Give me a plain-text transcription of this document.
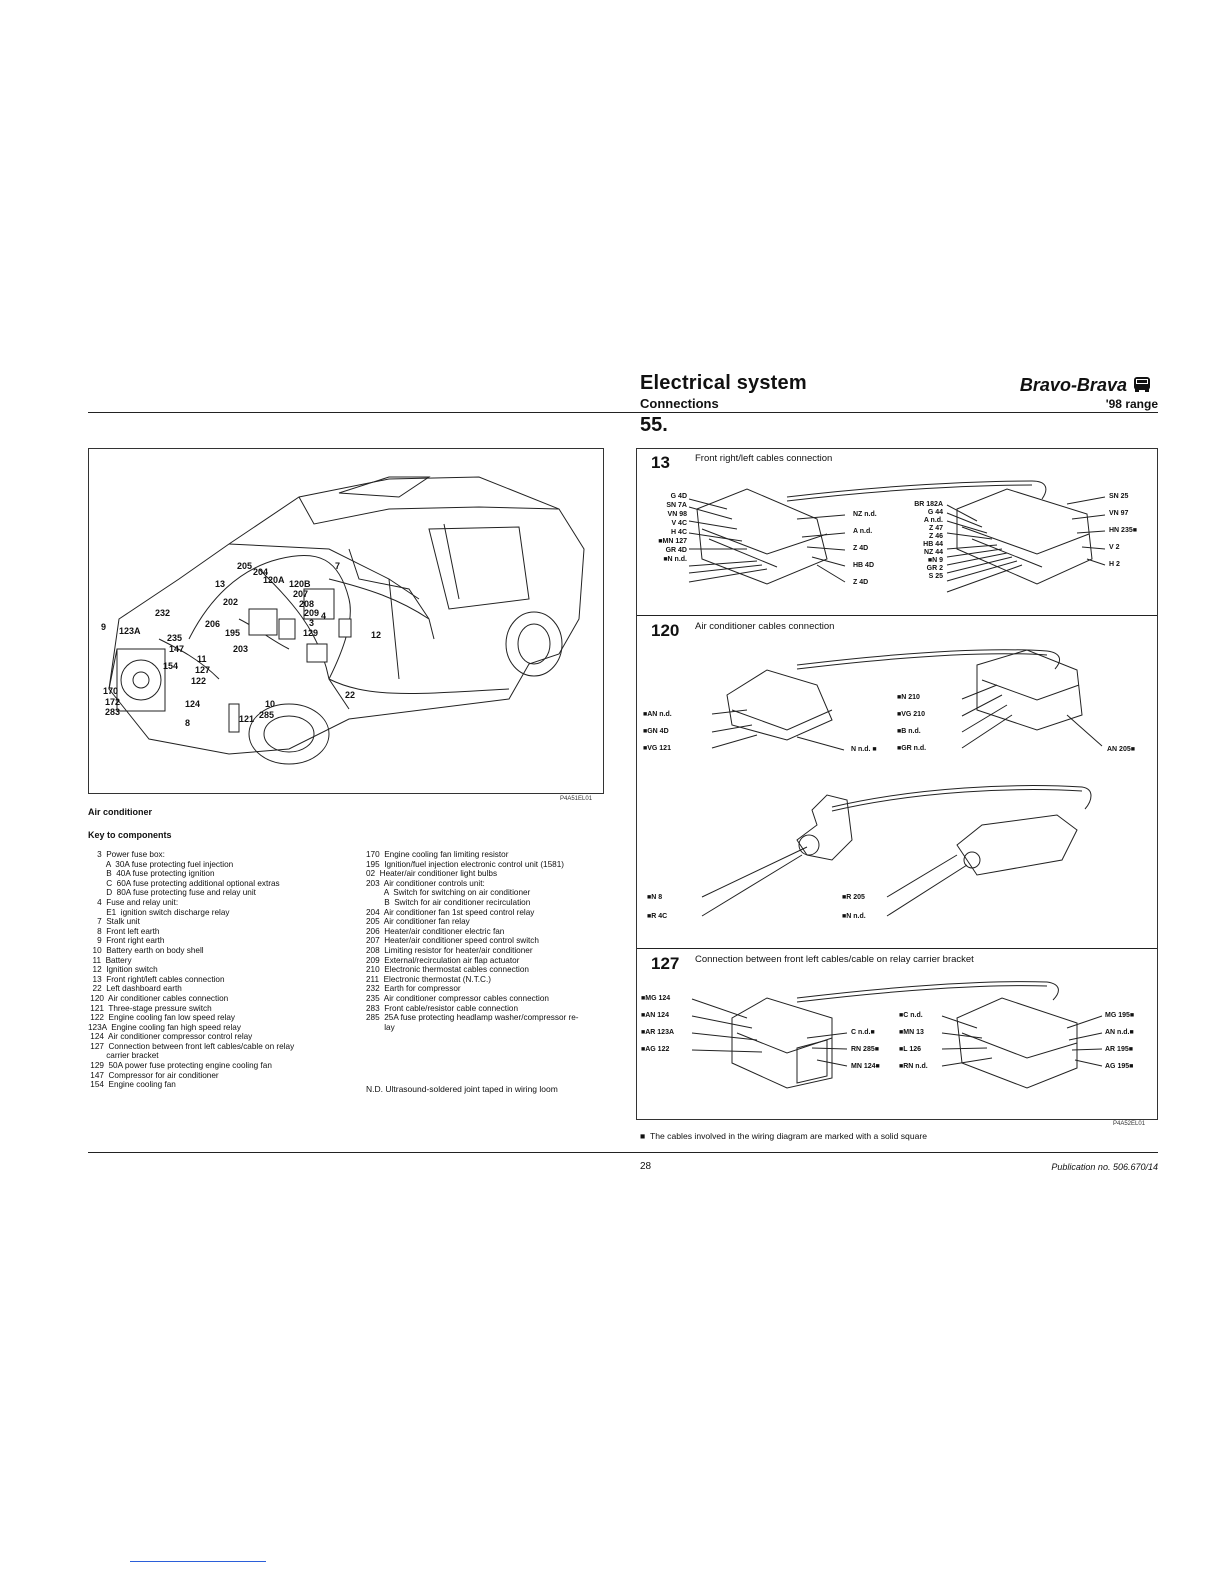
Electrical system
Connections
Bravo-Brava
'98 range
55.
205
204
120A 120B
207
208
209 4
3
129
7
13
202
206
195
203
232
9 123A
235
147
154
11
127
122
170
172
283
124
8	121
10
285
22
12
P4A51EL01
Air conditioner
Key to components
3  Power fuse box:
A  30A fuse protecting fuel injection
B  40A fuse protecting ignition
C  60A fuse protecting additional optional extras
D  80A fuse protecting fuse and relay unit
4  Fuse and relay unit:
E1  ignition switch discharge relay
7  Stalk unit
8  Front left earth
9  Front right earth
10  Battery earth on body shell
11  Battery
12  Ignition switch
13  Front right/left cables connection
22  Left dashboard earth
120  Air conditioner cables connection
121  Three-stage pressure switch
122  Engine cooling fan low speed relay
123A  Engine cooling fan high speed relay
124  Air conditioner compressor control relay
127  Connection between front left cables/cable on relay
carrier bracket
129  50A power fuse protecting engine cooling fan
147  Compressor for air conditioner
154  Engine cooling fan
170  Engine cooling fan limiting resistor
195  Ignition/fuel injection electronic control unit (1581)
02  Heater/air conditioner light bulbs
203  Air conditioner controls unit:
A  Switch for switching on air conditioner
B  Switch for air conditioner recirculation
204  Air conditioner fan 1st speed control relay
205  Air conditioner fan relay
206  Heater/air conditioner electric fan
207  Heater/air conditioner speed control switch
208  Limiting resistor for heater/air conditioner
209  External/recirculation air flap actuator
210  Electronic thermostat cables connection
211  Electronic thermostat (N.T.C.)
232  Earth for compressor
235  Air conditioner compressor cables connection
283  Front cable/resistor cable connection
285  25A fuse protecting headlamp washer/compressor re-
lay
N.D. Ultrasound-soldered joint taped in wiring loom
13	Front right/left cables connection
G 4D
SN 7A
VN 98
V 4C
H 4C
■ MN 127
GR 4D
■ N n.d.
NZ n.d.
A n.d.
Z 4D
HB 4D
Z 4D
BR 182A
G 44
A n.d.
Z 47
Z 46
HB 44
NZ 44
■ N 9
GR 2
S 25
SN 25
VN 97
HN 235■
V 2
H 2
120 Air conditioner cables connection
■ AN n.d.
■ GN 4D
■ VG 121	N n.d. ■
■ N 210
■ VG 210
■ B n.d.
■ GR n.d.	AN 205■
■ N 8
■ R 4C
■ R 205
■ N n.d.
127 Connection between front left cables/cable on relay carrier bracket
■ MG 124
■ AN 124
■ AR 123A
■ AG 122
C n.d.■
RN 285■
MN 124■
■ C n.d.
■ MN 13
■ L 126
■ RN n.d.
MG 195■
AN n.d.■
AR 195■
AG 195■
P4A52EL01
■   The cables involved in the wiring diagram are marked with a solid square
28	Publication no. 506.670/14
